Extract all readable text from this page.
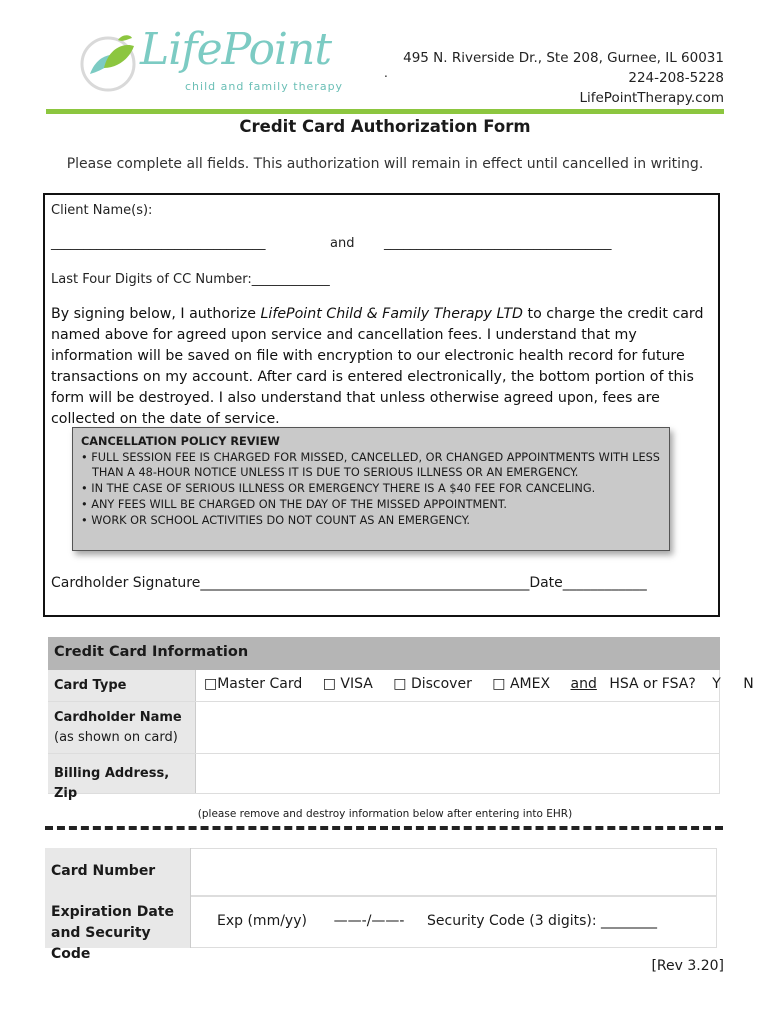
LifePoint
child and family therapy
.
495 N. Riverside Dr., Ste 208, Gurnee, IL 60031
224-208-5228
LifePointTherapy.com
Credit Card Authorization Form
Please complete all fields. This authorization will remain in effect until cancelled in writing.
Client Name(s):
_________________________________	and ___________________________________
Last Four Digits of CC Number:____________
By signing below, I authorize LifePoint Child & Family Therapy LTD to charge the credit card named above for agreed upon service and cancellation fees. I understand that my information will be saved on file with encryption to our electronic health record for future transactions on my account. After card is entered electronically, the bottom portion of this form will be destroyed. I also understand that unless otherwise agreed upon, fees are collected on the date of service.
CANCELLATION POLICY REVIEW
• FULL SESSION FEE IS CHARGED FOR MISSED, CANCELLED, OR CHANGED APPOINTMENTS WITH LESS THAN A 48-HOUR NOTICE UNLESS IT IS DUE TO SERIOUS ILLNESS OR AN EMERGENCY.
• IN THE CASE OF SERIOUS ILLNESS OR EMERGENCY THERE IS A $40 FEE FOR CANCELING.
• ANY FEES WILL BE CHARGED ON THE DAY OF THE MISSED APPOINTMENT.
• WORK OR SCHOOL ACTIVITIES DO NOT COUNT AS AN EMERGENCY.
Cardholder Signature_______________________________________________Date____________
Credit Card Information
Card Type	□Master Card □ VISA □ Discover □ AMEX and HSA or FSA? Y N
Cardholder Name
(as shown on card)
Billing Address, Zip
(please remove and destroy information below after entering into EHR)
Card Number
Expiration Date
and Security Code
Exp (mm/yy)      ——-/——- Security Code (3 digits): ________
[Rev 3.20]
